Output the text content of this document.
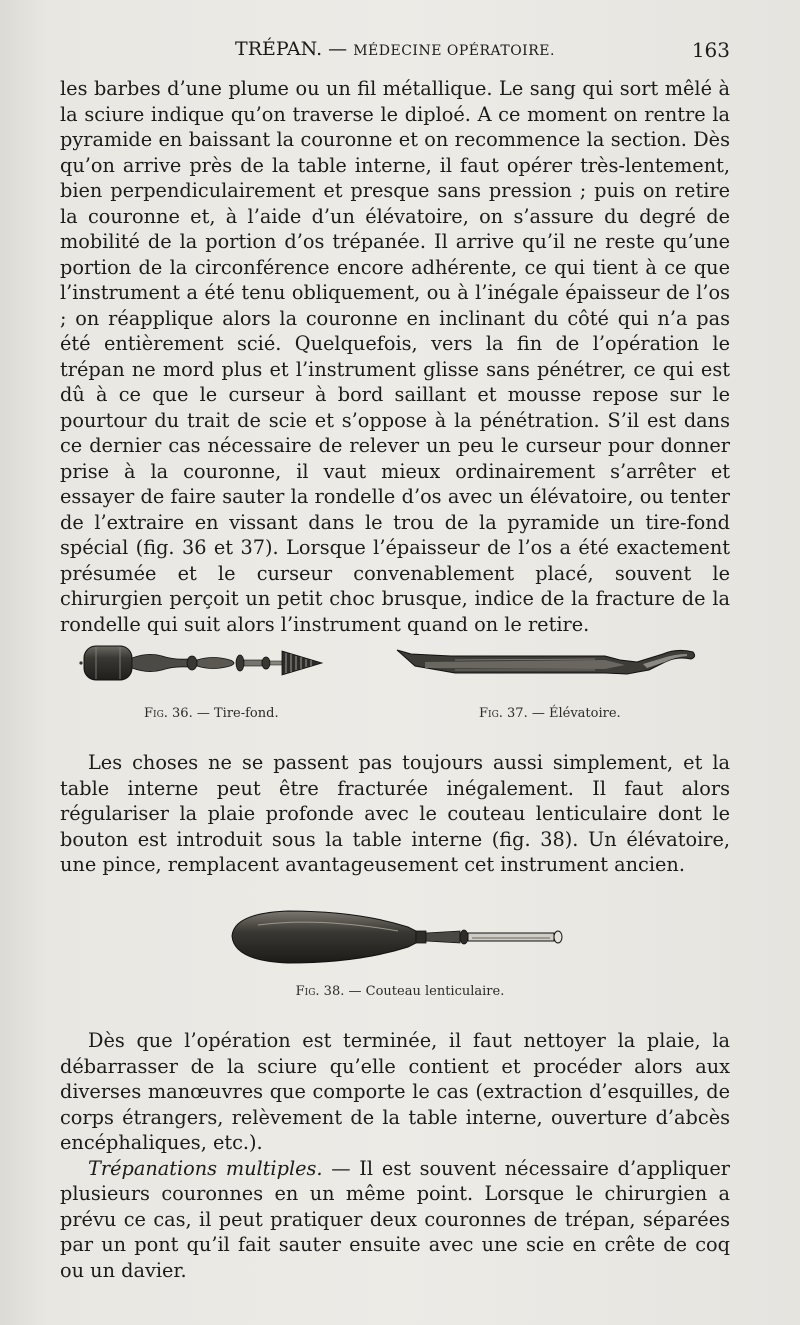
TRÉPAN. — MÉDECINE OPÉRATOIRE.	163

les barbes d’une plume ou un fil métallique. Le sang qui sort mêlé à la sciure indique qu’on traverse le diploé. A ce moment on rentre la pyramide en baissant la couronne et on recommence la section. Dès qu’on arrive près de la table interne, il faut opérer très-lentement, bien perpendiculairement et presque sans pression ; puis on retire la couronne et, à l’aide d’un élévatoire, on s’assure du degré de mobilité de la portion d’os trépanée. Il arrive qu’il ne reste qu’une portion de la circonférence encore adhérente, ce qui tient à ce que l’instrument a été tenu obliquement, ou à l’inégale épaisseur de l’os ; on réapplique alors la couronne en inclinant du côté qui n’a pas été entièrement scié. Quelquefois, vers la fin de l’opération le trépan ne mord plus et l’instrument glisse sans pénétrer, ce qui est dû à ce que le curseur à bord saillant et mousse repose sur le pourtour du trait de scie et s’oppose à la pénétration. S’il est dans ce dernier cas nécessaire de relever un peu le curseur pour donner prise à la couronne, il vaut mieux ordinairement s’arrêter et essayer de faire sauter la rondelle d’os avec un élévatoire, ou tenter de l’extraire en vissant dans le trou de la pyramide un tire-fond spécial (fig. 36 et 37). Lorsque l’épaisseur de l’os a été exactement présumée et le curseur convenablement placé, souvent le chirurgien perçoit un petit choc brusque, indice de la fracture de la rondelle qui suit alors l’instrument quand on le retire.

Fig. 36. — Tire-fond.	Fig. 37. — Élévatoire.

Les choses ne se passent pas toujours aussi simplement, et la table interne peut être fracturée inégalement. Il faut alors régulariser la plaie profonde avec le couteau lenticulaire dont le bouton est introduit sous la table interne (fig. 38). Un élévatoire, une pince, remplacent avantageusement cet instrument ancien.

Fig. 38. — Couteau lenticulaire.

Dès que l’opération est terminée, il faut nettoyer la plaie, la débarrasser de la sciure qu’elle contient et procéder alors aux diverses manœuvres que comporte le cas (extraction d’esquilles, de corps étrangers, relèvement de la table interne, ouverture d’abcès encéphaliques, etc.).

Trépanations multiples. — Il est souvent nécessaire d’appliquer plusieurs couronnes en un même point. Lorsque le chirurgien a prévu ce cas, il peut pratiquer deux couronnes de trépan, séparées par un pont qu’il fait sauter ensuite avec une scie en crête de coq ou un davier.
